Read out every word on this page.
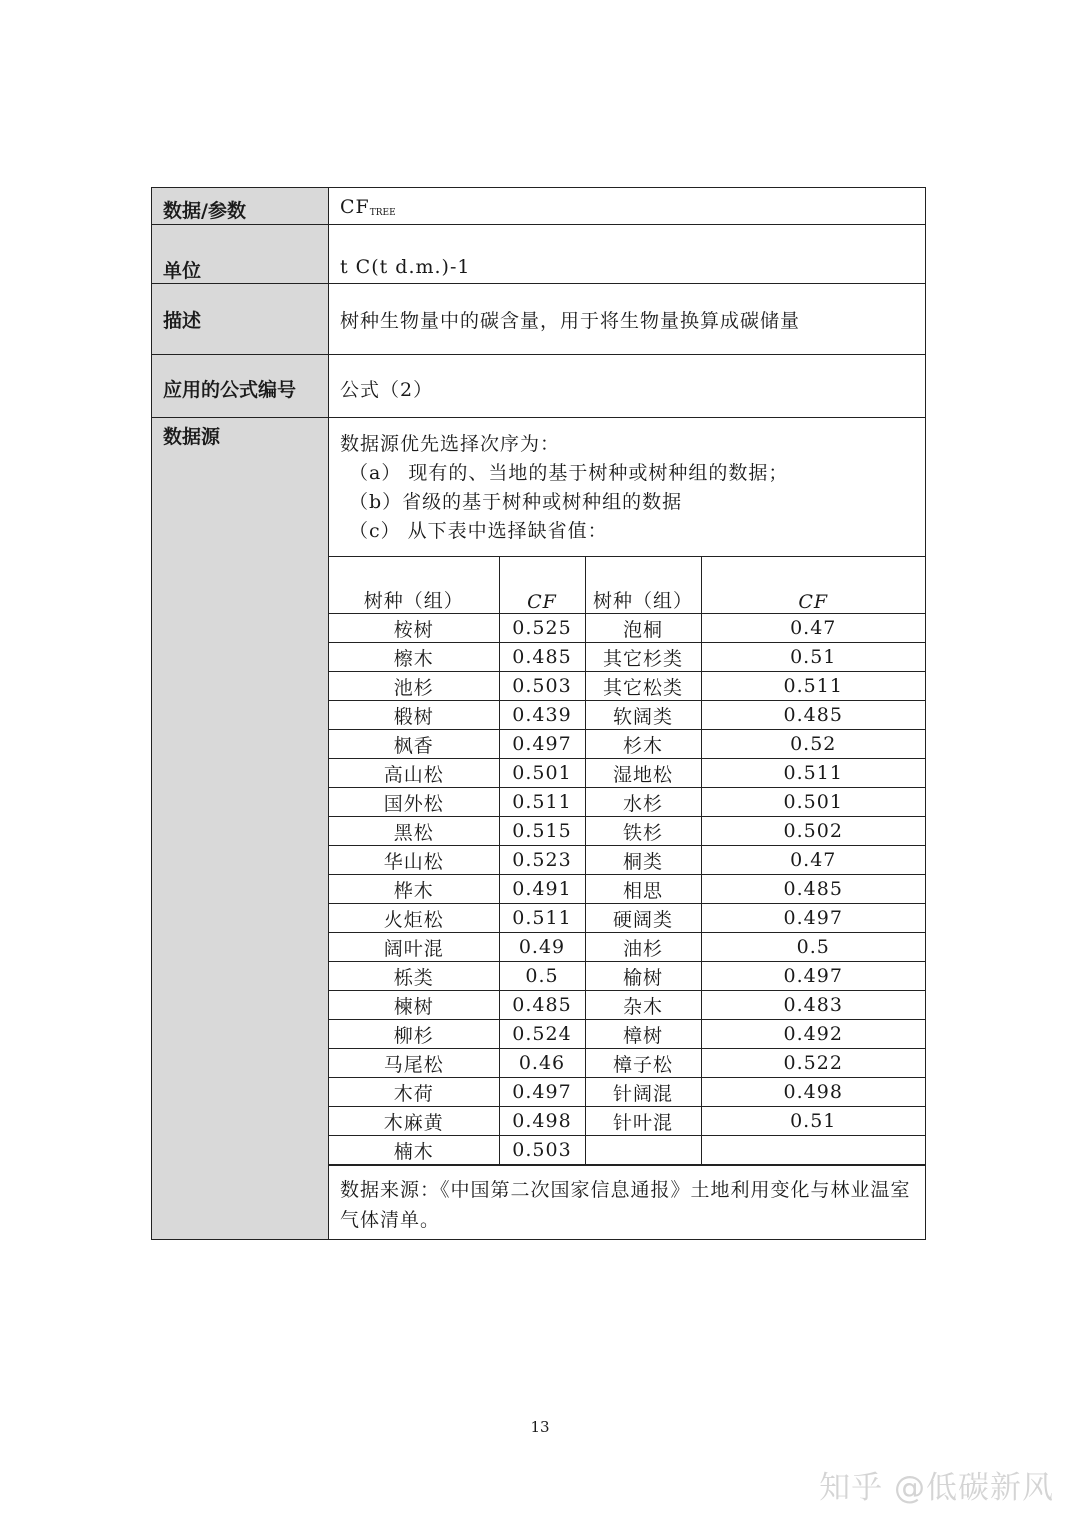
数据/参数	$CF_{TREE}$
单位	t C(t d.m.)-1
描述	树种生物量中的碳含量，用于将生物量换算成碳储量
应用的公式编号	公式（2）
数据源	数据源优先选择次序为：
（a） 现有的、当地的基于树种或树种组的数据；
（b）省级的基于树种或树种组的数据
（c） 从下表中选择缺省值：
树种（组）	CF	树种（组）	CF
桉树	0.525	泡桐	0.47
檫木	0.485	其它杉类	0.51
池杉	0.503	其它松类	0.511
椴树	0.439	软阔类	0.485
枫香	0.497	杉木	0.52
高山松	0.501	湿地松	0.511
国外松	0.511	水杉	0.501
黑松	0.515	铁杉	0.502
华山松	0.523	桐类	0.47
桦木	0.491	相思	0.485
火炬松	0.511	硬阔类	0.497
阔叶混	0.49	油杉	0.5
栎类	0.5	榆树	0.497
楝树	0.485	杂木	0.483
柳杉	0.524	樟树	0.492
马尾松	0.46	樟子松	0.522
木荷	0.497	针阔混	0.498
木麻黄	0.498	针叶混	0.51
楠木	0.503		
数据来源：《中国第二次国家信息通报》土地利用变化与林业温室气体清单。
13
知乎 @低碳新风
